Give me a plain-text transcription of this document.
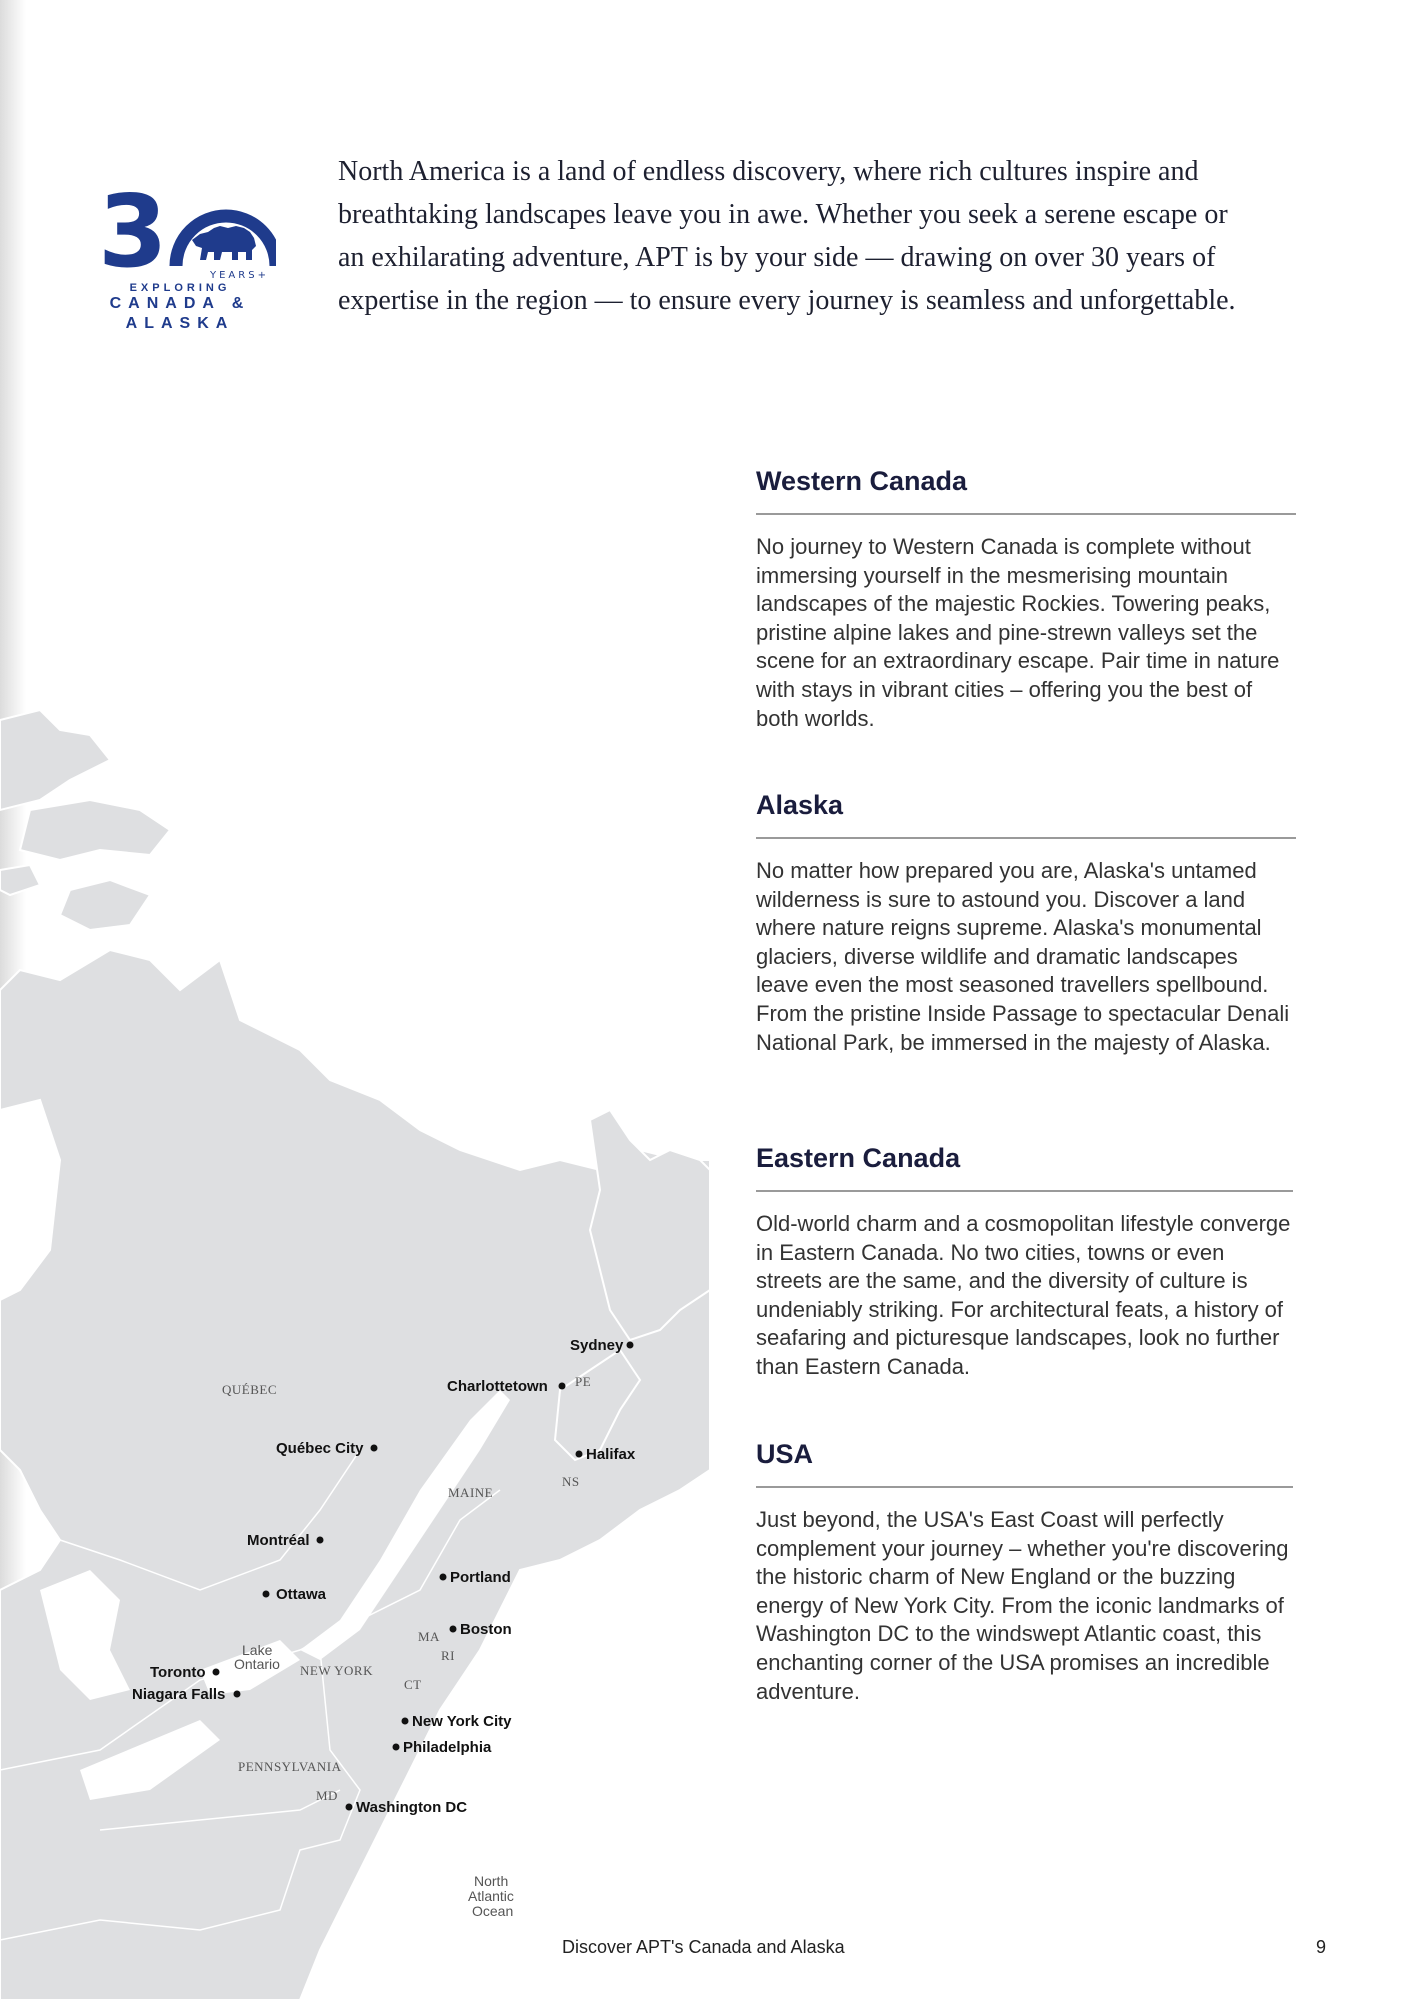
3	YEARS+
EXPLORING
CANADA &
ALASKA

North America is a land of endless discovery, where rich cultures inspire and breathtaking landscapes leave you in awe. Whether you seek a serene escape or an exhilarating adventure, APT is by your side — drawing on over 30 years of expertise in the region — to ensure every journey is seamless and unforgettable.

Western Canada

No journey to Western Canada is complete without immersing yourself in the mesmerising mountain landscapes of the majestic Rockies. Towering peaks, pristine alpine lakes and pine-strewn valleys set the scene for an extraordinary escape. Pair time in nature with stays in vibrant cities – offering you the best of both worlds.

Alaska

No matter how prepared you are, Alaska's untamed wilderness is sure to astound you. Discover a land where nature reigns supreme. Alaska's monumental glaciers, diverse wildlife and dramatic landscapes leave even the most seasoned travellers spellbound. From the pristine Inside Passage to spectacular Denali National Park, be immersed in the majesty of Alaska.

Eastern Canada

Old-world charm and a cosmopolitan lifestyle converge in Eastern Canada. No two cities, towns or even streets are the same, and the diversity of culture is undeniably striking. For architectural feats, a history of seafaring and picturesque landscapes, look no further than Eastern Canada.

USA

Just beyond, the USA's East Coast will perfectly complement your journey – whether you're discovering the historic charm of New England or the buzzing energy of New York City. From the iconic landmarks of Washington DC to the windswept Atlantic coast, this enchanting corner of the USA promises an incredible adventure.

Sydney
Charlottetown
Québec City	Halifax
Montréal
Portland
Ottawa
Boston
Toronto
Niagara Falls
New York City
Philadelphia
Washington DC
QUÉBEC
PE
NS
MAINE
MA
RI
CT
NEW YORK
PENNSYLVANIA
MD
Lake
Ontario
North
Atlantic
Ocean
Discover APT's Canada and Alaska	9
